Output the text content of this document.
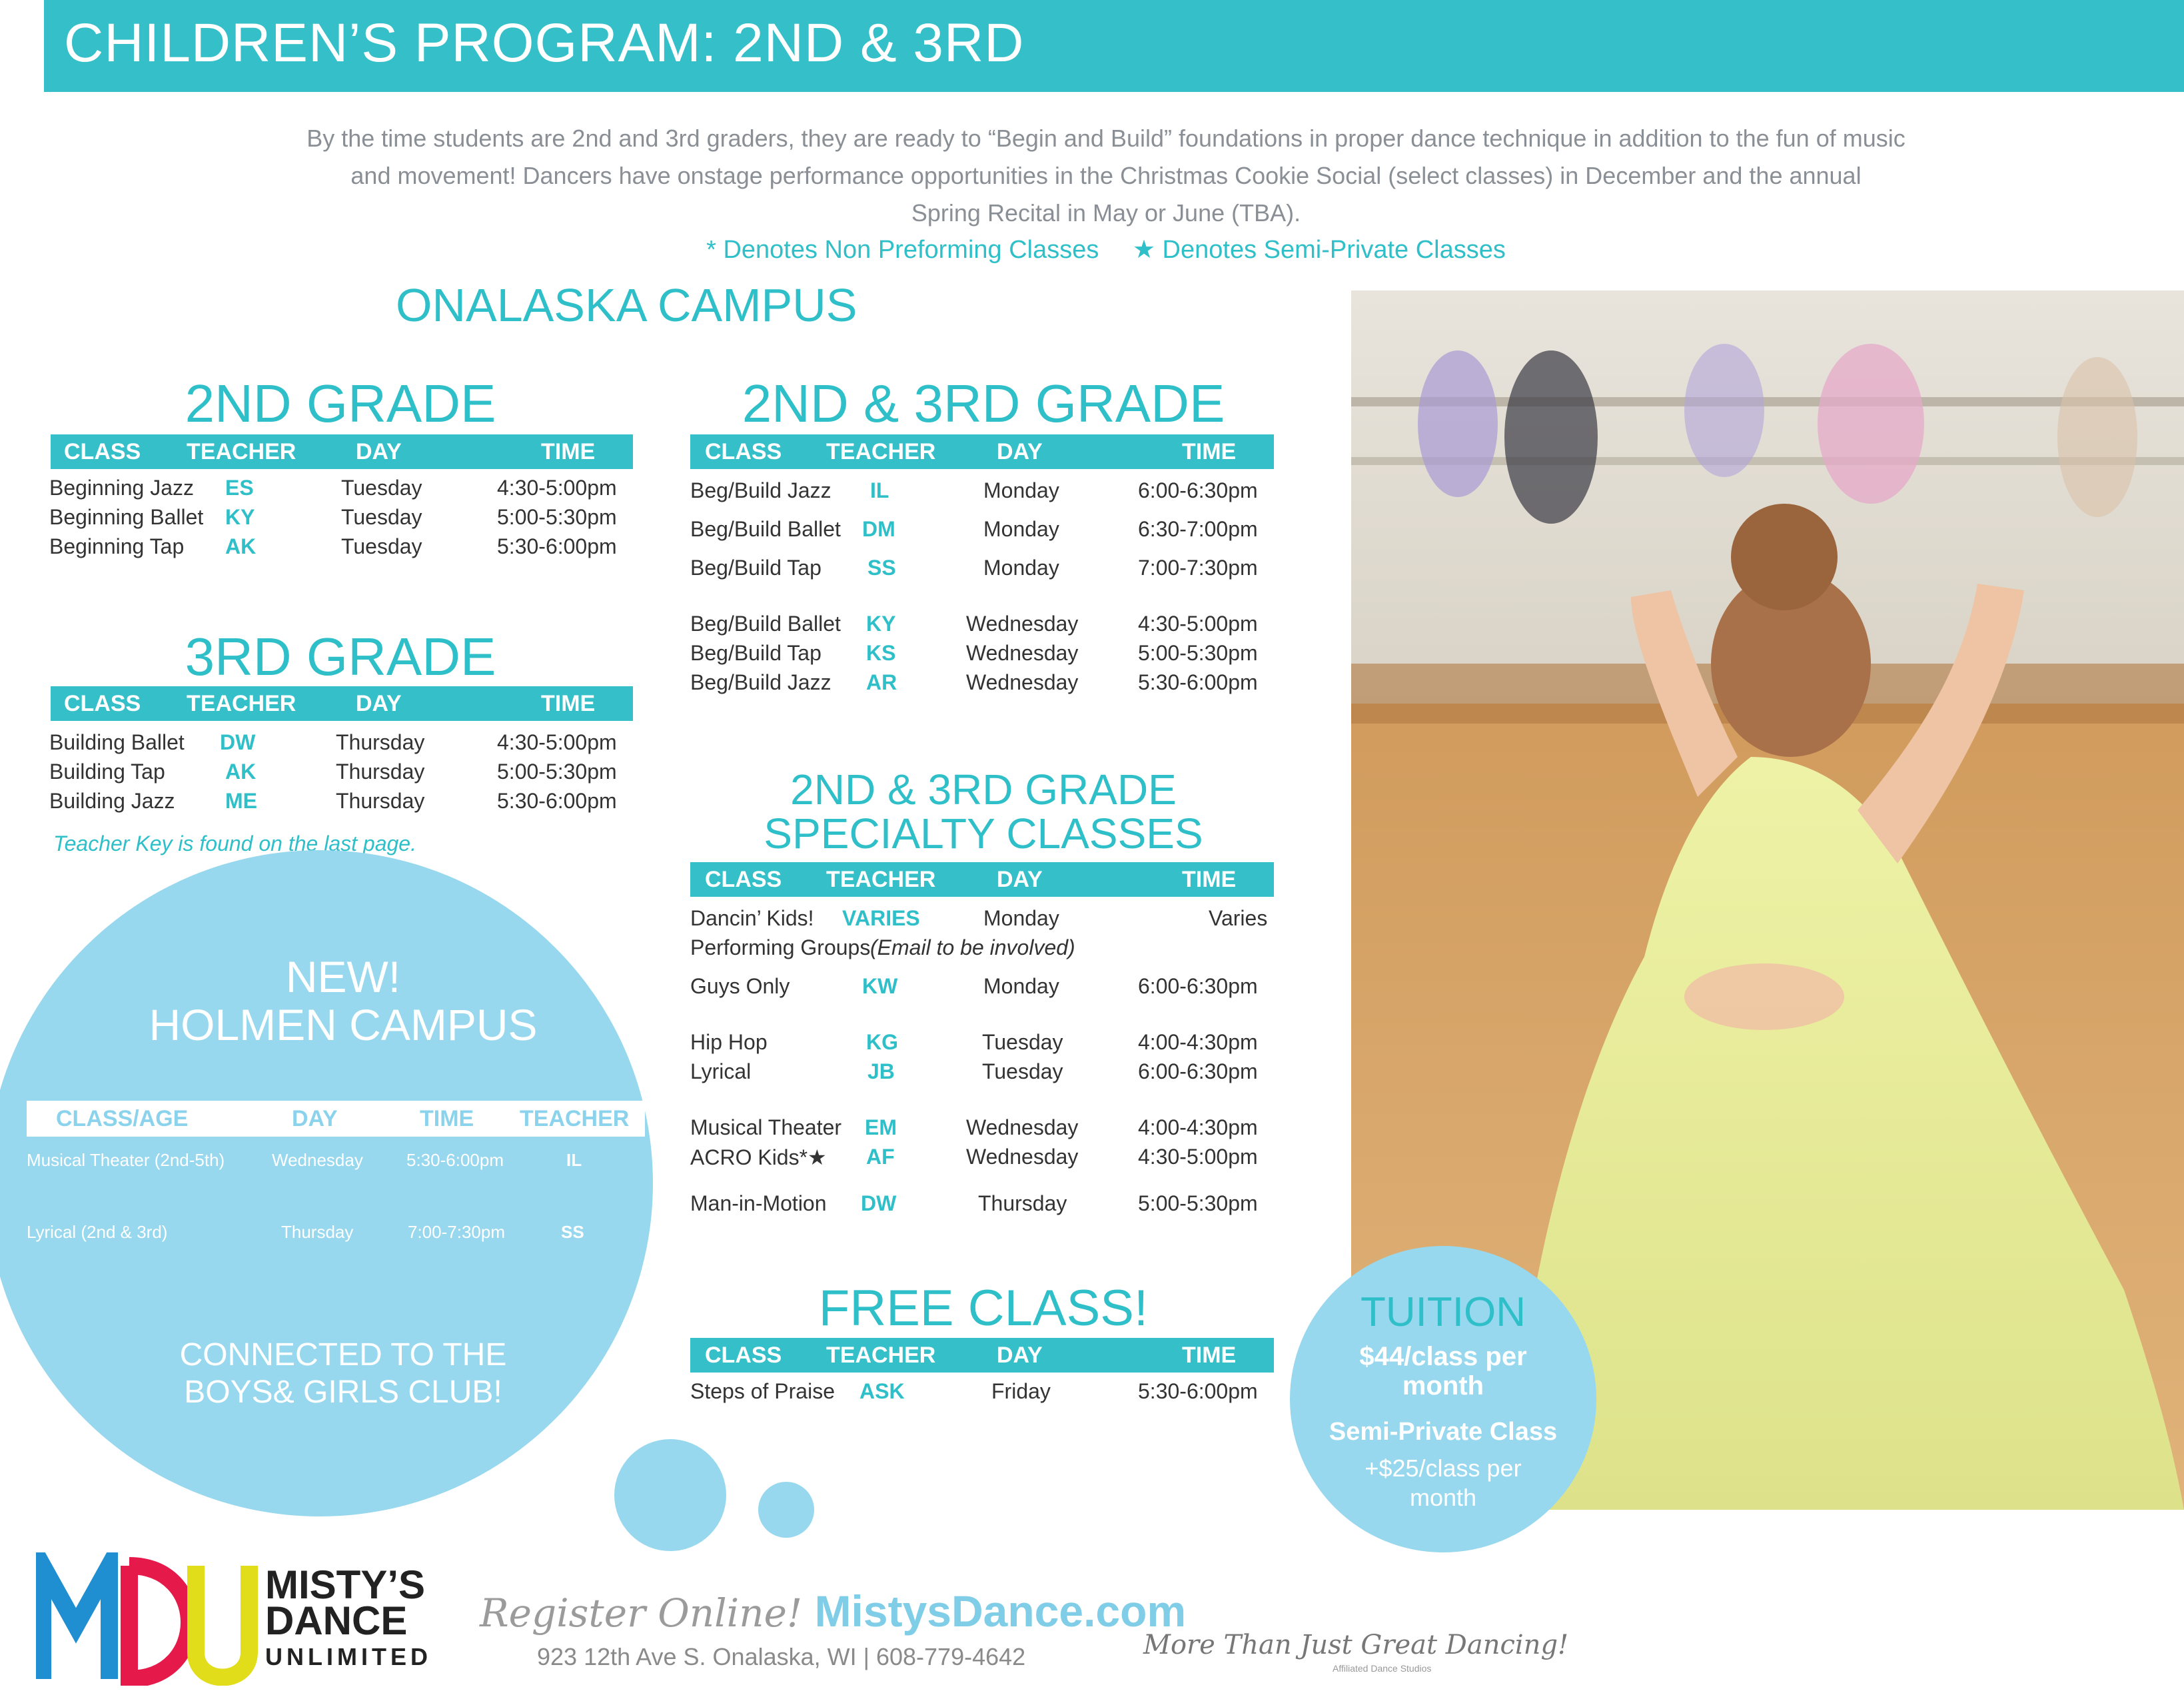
CHILDREN’S PROGRAM: 2ND & 3RD

By the time students are 2nd and 3rd graders, they are ready to “Begin and Build” foundations in proper dance technique in addition to the fun of music

and movement! Dancers have onstage performance opportunities in the Christmas Cookie Social (select classes) in December and the annual

Spring Recital in May or June (TBA).

* Denotes Non Preforming Classes ★ Denotes Semi-Private Classes
ONALASKA CAMPUS
2ND GRADE
CLASS TEACHER	DAY	TIME
Beginning Jazz ES	Tuesday	4:30-5:00pm
Beginning Ballet KY	Tuesday	5:00-5:30pm
Beginning Tap AK	Tuesday	5:30-6:00pm
3RD GRADE
CLASS TEACHER	DAY	TIME
Building Ballet DW	Thursday	4:30-5:00pm
Building Tap	AK	Thursday	5:00-5:30pm
Building Jazz ME	Thursday	5:30-6:00pm
Teacher Key is found on the last page.
2ND & 3RD GRADE
CLASS TEACHER	DAY	TIME
Beg/Build Jazz IL	Monday	6:00-6:30pm
Beg/Build Ballet DM	Monday	6:30-7:00pm
Beg/Build Tap SS	Monday	7:00-7:30pm
Beg/Build Ballet KY	Wednesday	4:30-5:00pm
Beg/Build Tap KS	Wednesday	5:00-5:30pm
Beg/Build Jazz AR	Wednesday	5:30-6:00pm
2ND & 3RD GRADE
SPECIALTY CLASSES
CLASS TEACHER	DAY	TIME
Dancin’ Kids! VARIES	Monday	Varies
Performing Groups (Email to be involved)
Guys Only	KW	Monday	6:00-6:30pm
Hip Hop	KG	Tuesday	4:00-4:30pm
Lyrical	JB	Tuesday	6:00-6:30pm
Musical Theater EM	Wednesday	4:00-4:30pm
ACRO Kids*★ AF	Wednesday	4:30-5:00pm
Man-in-Motion DW	Thursday	5:00-5:30pm
FREE CLASS!
CLASS TEACHER	DAY	TIME
Steps of Praise ASK	Friday	5:30-6:00pm
NEW!
HOLMEN CAMPUS
CLASS/AGE	DAY	TIME TEACHER
Musical Theater (2nd-5th)	Wednesday	5:30-6:00pm	IL
Lyrical (2nd & 3rd)	Thursday	7:00-7:30pm	SS
CONNECTED TO THE
BOYS& GIRLS CLUB!
TUITION
$44/class per
month
Semi-Private Class
+$25/class per
month
MISTY’S
DANCE
UNLIMITED
Register Online! MistysDance.com
923 12th Ave S. Onalaska, WI | 608-779-4642	More Than Just Great Dancing!
Affiliated Dance Studios
